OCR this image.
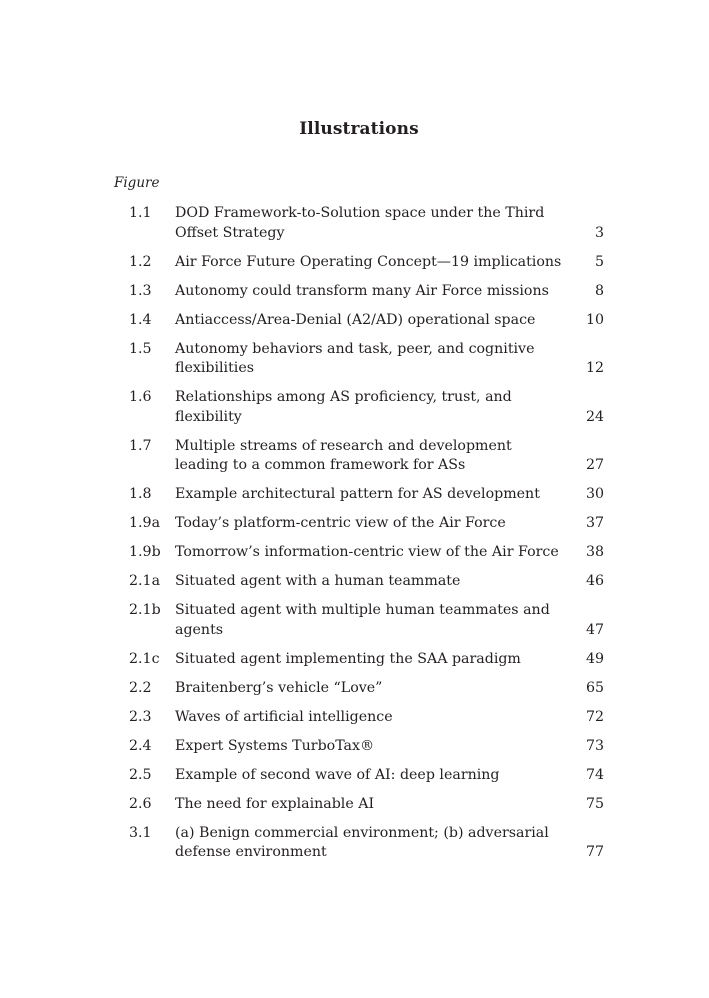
Illustrations
Figure
1.1	DOD Framework-to-Solution space under the Third Offset Strategy	3
1.2	Air Force Future Operating Concept—19 implications 5
1.3	Autonomy could transform many Air Force missions	8
1.4	Antiaccess/Area-Denial (A2/AD) operational space	10
1.5	Autonomy behaviors and task, peer, and cognitive flexibilities	12
1.6	Relationships among AS proficiency, trust, and flexibility	24
1.7	Multiple streams of research and development leading to a common framework for ASs	27
1.8	Example architectural pattern for AS development	30
1.9a	Today’s platform-centric view of the Air Force	37
1.9b	Tomorrow’s information-centric view of the Air Force	38
2.1a	Situated agent with a human teammate	46
2.1b	Situated agent with multiple human teammates and agents	47
2.1c	Situated agent implementing the SAA paradigm	49
2.2	Braitenberg’s vehicle “Love”	65
2.3	Waves of artificial intelligence	72
2.4	Expert Systems TurboTax®	73
2.5	Example of second wave of AI: deep learning	74
2.6	The need for explainable AI	75
3.1	(a) Benign commercial environment; (b) adversarial defense environment	77
